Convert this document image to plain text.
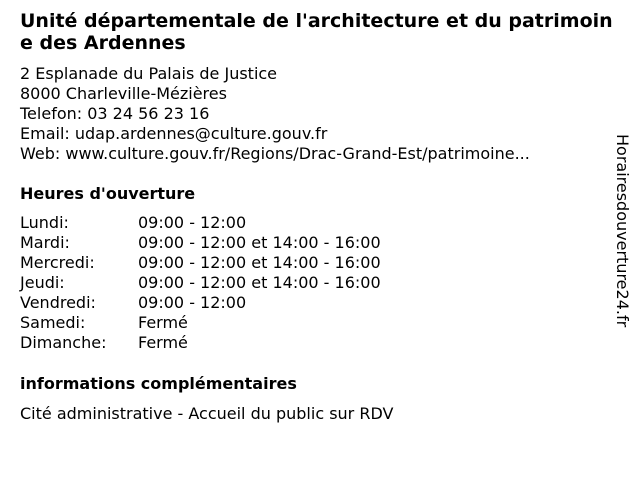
Unité départementale de l'architecture et du patrimoine des Ardennes
2 Esplanade du Palais de Justice
8000 Charleville-Mézières
Telefon: 03 24 56 23 16
Email: udap.ardennes@culture.gouv.fr
Web: www.culture.gouv.fr/Regions/Drac-Grand-Est/patrimoine...
Heures d'ouverture
Lundi:	09:00 - 12:00
Mardi:	09:00 - 12:00 et 14:00 - 16:00
Mercredi:	09:00 - 12:00 et 14:00 - 16:00
Jeudi:	09:00 - 12:00 et 14:00 - 16:00
Vendredi:	09:00 - 12:00
Samedi:	Fermé
Dimanche:	Fermé
informations complémentaires
Cité administrative - Accueil du public sur RDV
Horairesdouverture24.fr
